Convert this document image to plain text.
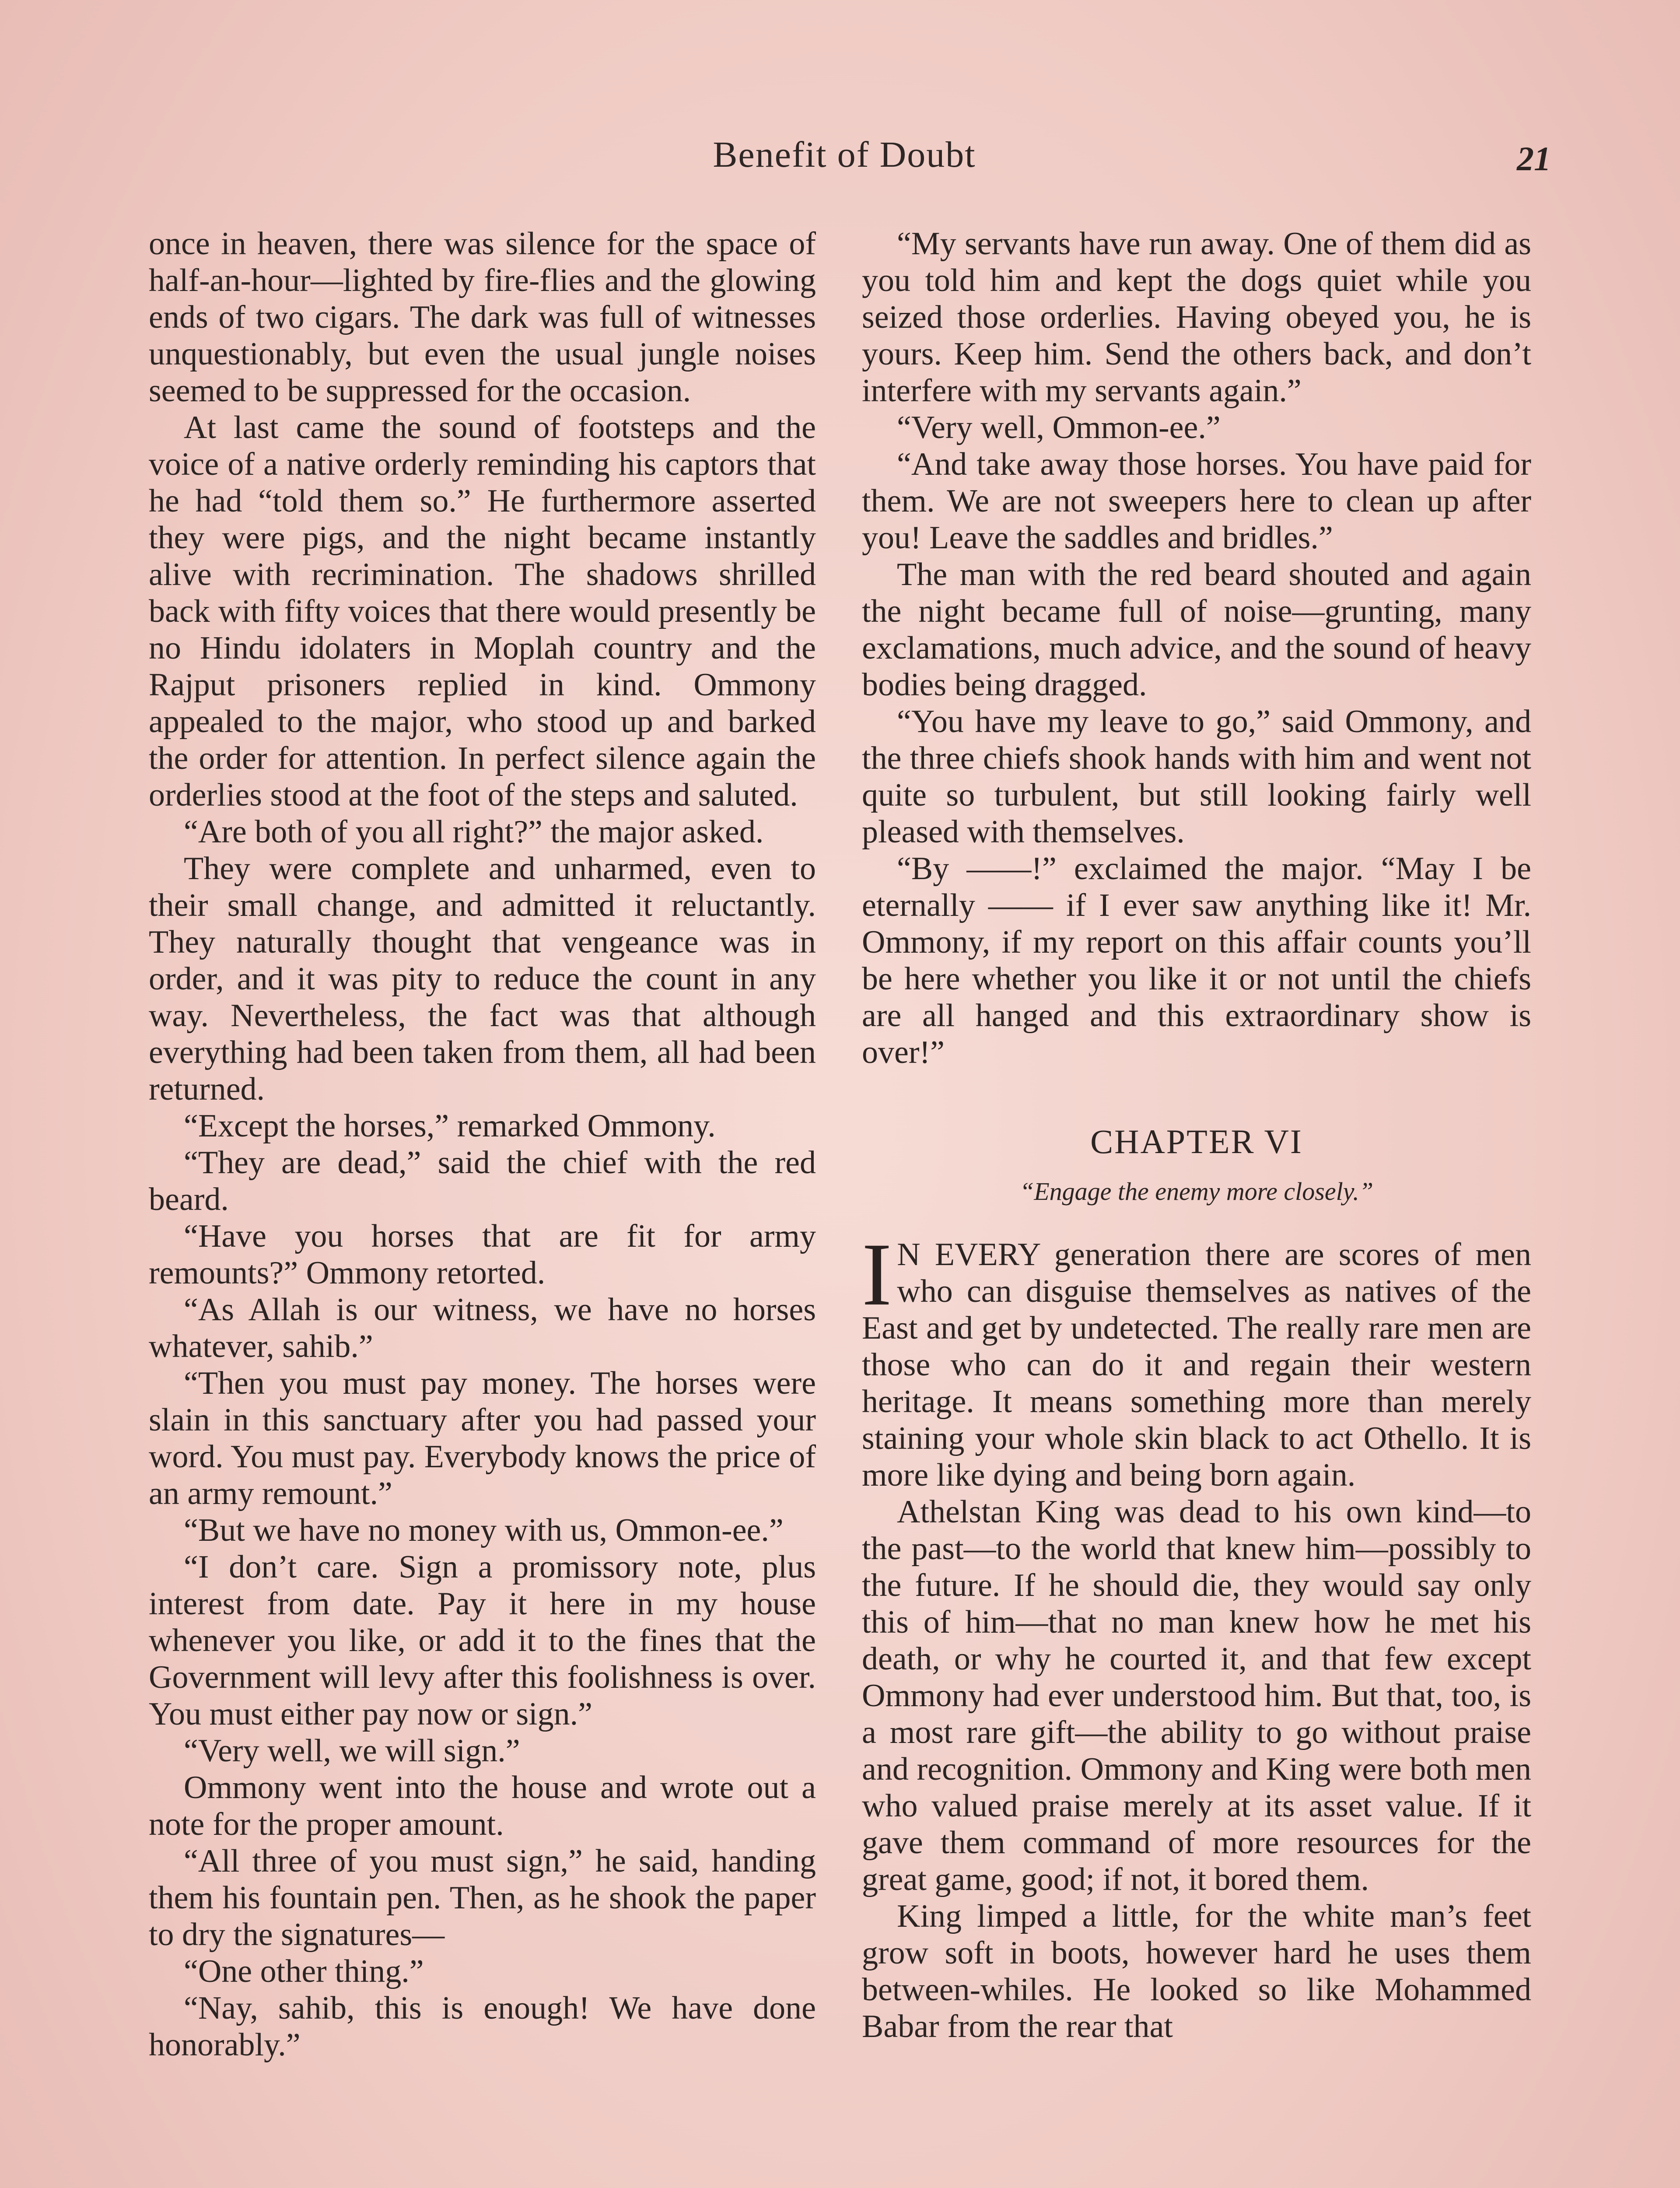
Benefit of Doubt	21

once in heaven, there was silence for the space of half-an-hour—lighted by fire-flies and the glowing ends of two cigars. The dark was full of witnesses unquestionably, but even the usual jungle noises seemed to be suppressed for the occasion.

At last came the sound of footsteps and the voice of a native orderly reminding his captors that he had “told them so.” He furthermore asserted they were pigs, and the night became instantly alive with recrimination. The shadows shrilled back with fifty voices that there would presently be no Hindu idolaters in Moplah country and the Rajput prisoners replied in kind. Ommony appealed to the major, who stood up and barked the order for attention. In perfect silence again the orderlies stood at the foot of the steps and saluted.

“Are both of you all right?” the major asked.

They were complete and unharmed, even to their small change, and admitted it reluctantly. They naturally thought that vengeance was in order, and it was pity to reduce the count in any way. Nevertheless, the fact was that although everything had been taken from them, all had been returned.

“Except the horses,” remarked Ommony.

“They are dead,” said the chief with the red beard.

“Have you horses that are fit for army remounts?” Ommony retorted.

“As Allah is our witness, we have no horses whatever, sahib.”

“Then you must pay money. The horses were slain in this sanctuary after you had passed your word. You must pay. Everybody knows the price of an army remount.”

“But we have no money with us, Ommon-ee.”

“I don’t care. Sign a promissory note, plus interest from date. Pay it here in my house whenever you like, or add it to the fines that the Government will levy after this foolishness is over. You must either pay now or sign.”

“Very well, we will sign.”

Ommony went into the house and wrote out a note for the proper amount.

“All three of you must sign,” he said, handing them his fountain pen. Then, as he shook the paper to dry the signatures—

“One other thing.”

“Nay, sahib, this is enough! We have done honorably.”

“My servants have run away. One of them did as you told him and kept the dogs quiet while you seized those orderlies. Having obeyed you, he is yours. Keep him. Send the others back, and don’t interfere with my servants again.”

“Very well, Ommon-ee.”

“And take away those horses. You have paid for them. We are not sweepers here to clean up after you! Leave the saddles and bridles.”

The man with the red beard shouted and again the night became full of noise—grunting, many exclamations, much advice, and the sound of heavy bodies being dragged.

“You have my leave to go,” said Ommony, and the three chiefs shook hands with him and went not quite so turbulent, but still looking fairly well pleased with themselves.

“By ——!” exclaimed the major. “May I be eternally —— if I ever saw anything like it! Mr. Ommony, if my report on this affair counts you’ll be here whether you like it or not until the chiefs are all hanged and this extraordinary show is over!”

CHAPTER VI
“Engage the enemy more closely.”

I N EVERY generation there are scores of men who can disguise themselves as natives of the East and get by undetected. The really rare men are those who can do it and regain their western heritage. It means something more than merely staining your whole skin black to act Othello. It is more like dying and being born again.

Athelstan King was dead to his own kind—to the past—to the world that knew him—possibly to the future. If he should die, they would say only this of him—that no man knew how he met his death, or why he courted it, and that few except Ommony had ever understood him. But that, too, is a most rare gift—the ability to go without praise and recognition. Ommony and King were both men who valued praise merely at its asset value. If it gave them command of more resources for the great game, good; if not, it bored them.

King limped a little, for the white man’s feet grow soft in boots, however hard he uses them between-whiles. He looked so like Mohammed Babar from the rear that
